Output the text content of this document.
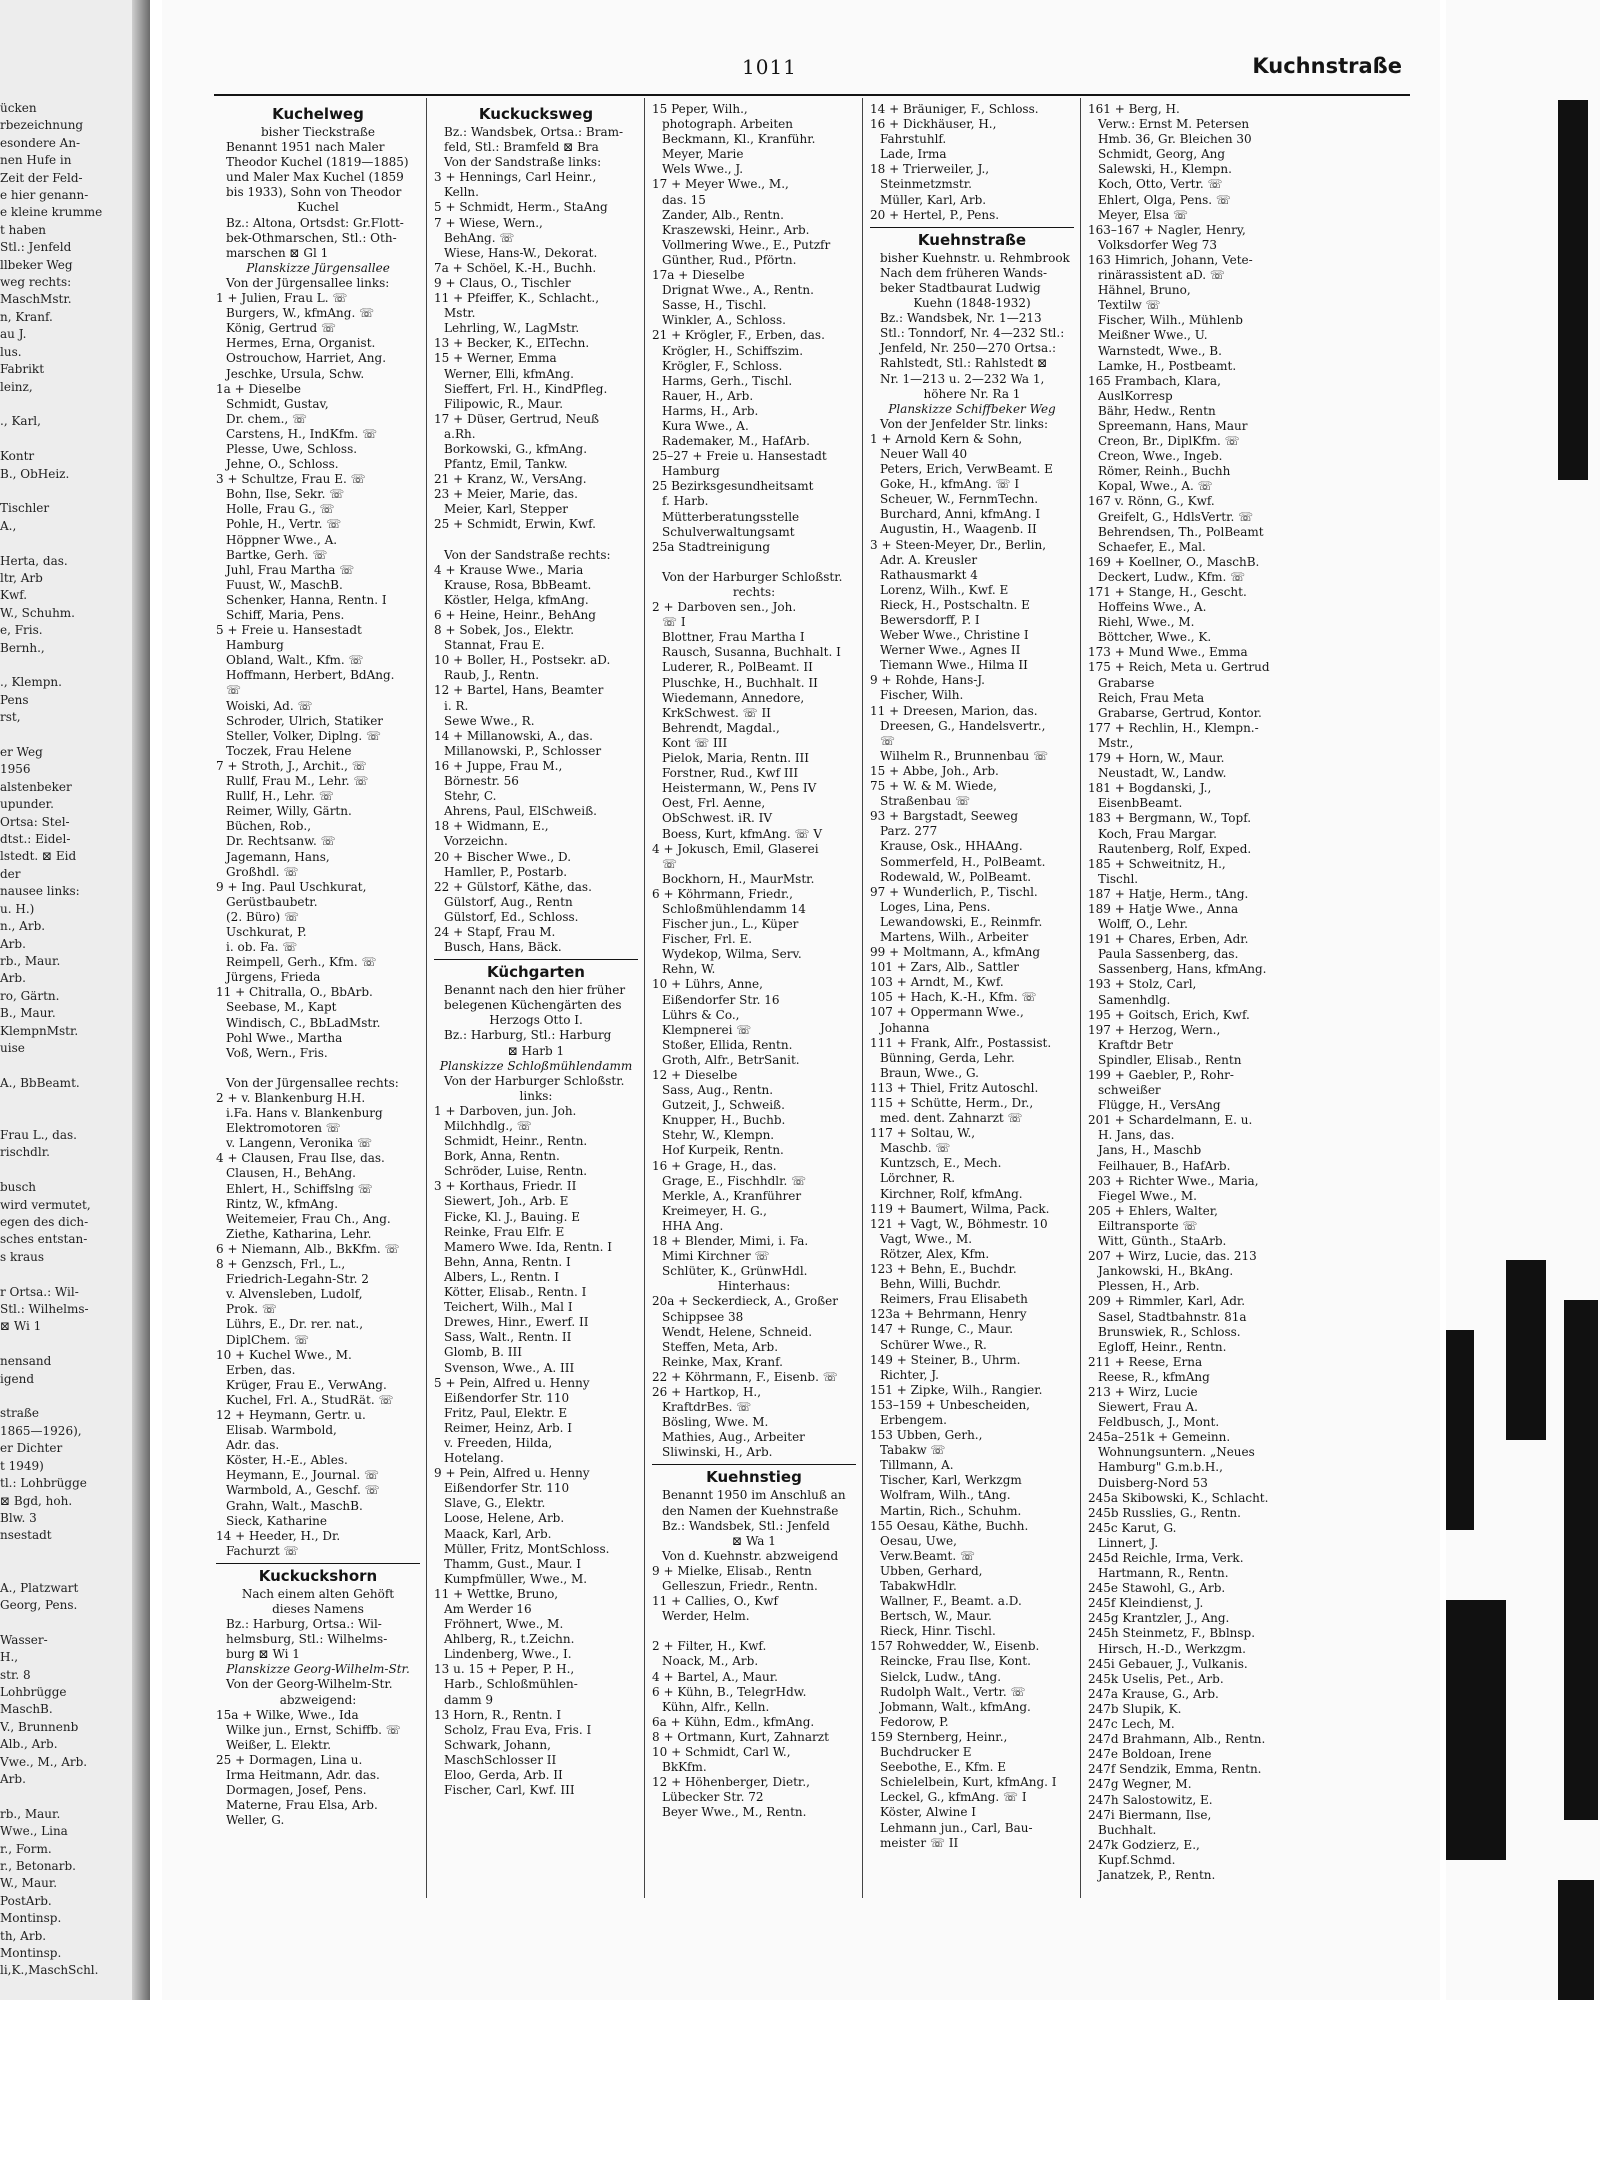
ücken
rbezeichnung
esondere An-
nen Hufe in
Zeit der Feld-
e hier genann-
e kleine krumme
t haben
Stl.: Jenfeld
llbeker Weg
weg rechts:
MaschMstr.
n, Kranf.
au J.
lus.
Fabrikt
leinz,

., Karl,

Kontr
B., ObHeiz.

Tischler
A.,

Herta, das.
ltr, Arb
Kwf.
W., Schuhm.
e, Fris.
Bernh.,

., Klempn.
Pens
rst,

er Weg
1956
alstenbeker
upunder.
Ortsa: Stel-
dtst.: Eidel-
lstedt. ⊠ Eid
der
nausee links:
u. H.)
n., Arb.
Arb.
rb., Maur.
Arb.
ro, Gärtn.
B., Maur.
KlempnMstr.
uise

A., BbBeamt.

Frau L., das.
rischdlr.

busch
wird vermutet,
egen des dich-
sches entstan-
s kraus

r Ortsa.: Wil-
Stl.: Wilhelms-
⊠ Wi 1

nensand
igend

straße
1865—1926),
er Dichter
t 1949)
tl.: Lohbrügge
⊠ Bgd, hoh.
Blw. 3
nsestadt

A., Platzwart
Georg, Pens.

Wasser-
H.,
str. 8
Lohbrügge
MaschB.
V., Brunnenb
Alb., Arb.
Vwe., M., Arb.
Arb.

rb., Maur.
Wwe., Lina
r., Form.
r., Betonarb.
W., Maur.
PostArb.
Montinsp.
th, Arb.
Montinsp.
li,K.,MaschSchl.
1011	Kuchnstraße
Kuchelweg
bisher Tieckstraße
Benannt 1951 nach Maler
Theodor Kuchel (1819—1885)
und Maler Max Kuchel (1859
bis 1933), Sohn von Theodor
Kuchel
Bz.: Altona, Ortsdst: Gr.Flott-
bek-Othmarschen, Stl.: Oth-
marschen ⊠ Gl 1
Planskizze Jürgensallee
Von der Jürgensallee links:
1 + Julien, Frau L. ☏
Burgers, W., kfmAng. ☏
König, Gertrud ☏
Hermes, Erna, Organist.
Ostrouchow, Harriet, Ang.
Jeschke, Ursula, Schw.
1a + Dieselbe
Schmidt, Gustav,
Dr. chem., ☏
Carstens, H., IndKfm. ☏
Plesse, Uwe, Schloss.
Jehne, O., Schloss.
3 + Schultze, Frau E. ☏
Bohn, Ilse, Sekr. ☏
Holle, Frau G., ☏
Pohle, H., Vertr. ☏
Höppner Wwe., A.
Bartke, Gerh. ☏
Juhl, Frau Martha ☏
Fuust, W., MaschB.
Schenker, Hanna, Rentn. I
Schiff, Maria, Pens.
5 + Freie u. Hansestadt
Hamburg
Obland, Walt., Kfm. ☏
Hoffmann, Herbert, BdAng.
☏
Woiski, Ad. ☏
Schroder, Ulrich, Statiker
Steller, Volker, Diplng. ☏
Toczek, Frau Helene
7 + Stroth, J., Archit., ☏
Rullf, Frau M., Lehr. ☏
Rullf, H., Lehr. ☏
Reimer, Willy, Gärtn.
Büchen, Rob.,
Dr. Rechtsanw. ☏
Jagemann, Hans,
Großhdl. ☏
9 + Ing. Paul Uschkurat,
Gerüstbaubetr.
(2. Büro) ☏
Uschkurat, P.
i. ob. Fa. ☏
Reimpell, Gerh., Kfm. ☏
Jürgens, Frieda
11 + Chitralla, O., BbArb.
Seebase, M., Kapt
Windisch, C., BbLadMstr.
Pohl Wwe., Martha
Voß, Wern., Fris.

Von der Jürgensallee rechts:
2 + v. Blankenburg H.H.
i.Fa. Hans v. Blankenburg
Elektromotoren ☏
v. Langenn, Veronika ☏
4 + Clausen, Frau Ilse, das.
Clausen, H., BehAng.
Ehlert, H., Schiffslng ☏
Rintz, W., kfmAng.
Weitemeier, Frau Ch., Ang.
Ziethe, Katharina, Lehr.
6 + Niemann, Alb., BkKfm. ☏
8 + Genzsch, Frl., L.,
Friedrich-Legahn-Str. 2
v. Alvensleben, Ludolf,
Prok. ☏
Lührs, E., Dr. rer. nat.,
DiplChem. ☏
10 + Kuchel Wwe., M.
Erben, das.
Krüger, Frau E., VerwAng.
Kuchel, Frl. A., StudRät. ☏
12 + Heymann, Gertr. u.
Elisab. Warmbold,
Adr. das.
Köster, H.-E., Ables.
Heymann, E., Journal. ☏
Warmbold, A., Geschf. ☏
Grahn, Walt., MaschB.
Sieck, Katharine
14 + Heeder, H., Dr.
Fachurzt ☏
Kuckuckshorn
Nach einem alten Gehöft
dieses Namens
Bz.: Harburg, Ortsa.: Wil-
helmsburg, Stl.: Wilhelms-
burg ⊠ Wi 1
Planskizze Georg-Wilhelm-Str.
Von der Georg-Wilhelm-Str.
abzweigend:
15a + Wilke, Wwe., Ida
Wilke jun., Ernst, Schiffb. ☏
Weißer, L. Elektr.
25 + Dormagen, Lina u.
Irma Heitmann, Adr. das.
Dormagen, Josef, Pens.
Materne, Frau Elsa, Arb.
Weller, G.
Kuckucksweg
Bz.: Wandsbek, Ortsa.: Bram-
feld, Stl.: Bramfeld ⊠ Bra
Von der Sandstraße links:
3 + Hennings, Carl Heinr.,
Kelln.
5 + Schmidt, Herm., StaAng
7 + Wiese, Wern.,
BehAng. ☏
Wiese, Hans-W., Dekorat.
7a + Schöel, K.-H., Buchh.
9 + Claus, O., Tischler
11 + Pfeiffer, K., Schlacht.,
Mstr.
Lehrling, W., LagMstr.
13 + Becker, K., ElTechn.
15 + Werner, Emma
Werner, Elli, kfmAng.
Sieffert, Frl. H., KindPfleg.
Filipowic, R., Maur.
17 + Düser, Gertrud, Neuß
a.Rh.
Borkowski, G., kfmAng.
Pfantz, Emil, Tankw.
21 + Kranz, W., VersAng.
23 + Meier, Marie, das.
Meier, Karl, Stepper
25 + Schmidt, Erwin, Kwf.

Von der Sandstraße rechts:
4 + Krause Wwe., Maria
Krause, Rosa, BbBeamt.
Köstler, Helga, kfmAng.
6 + Heine, Heinr., BehAng
8 + Sobek, Jos., Elektr.
Stannat, Frau E.
10 + Boller, H., Postsekr. aD.
Raub, J., Rentn.
12 + Bartel, Hans, Beamter
i. R.
Sewe Wwe., R.
14 + Millanowski, A., das.
Millanowski, P., Schlosser
16 + Juppe, Frau M.,
Börnestr. 56
Stehr, C.
Ahrens, Paul, ElSchweiß.
18 + Widmann, E.,
Vorzeichn.
20 + Bischer Wwe., D.
Hamller, P., Postarb.
22 + Gülstorf, Käthe, das.
Gülstorf, Aug., Rentn
Gülstorf, Ed., Schloss.
24 + Stapf, Frau M.
Busch, Hans, Bäck.
Küchgarten
Benannt nach den hier früher
belegenen Küchengärten des
Herzogs Otto I.
Bz.: Harburg, Stl.: Harburg
⊠ Harb 1
Planskizze Schloßmühlendamm
Von der Harburger Schloßstr.
links:
1 + Darboven, jun. Joh.
Milchhdlg., ☏
Schmidt, Heinr., Rentn.
Bork, Anna, Rentn.
Schröder, Luise, Rentn.
3 + Korthaus, Friedr. II
Siewert, Joh., Arb. E
Ficke, Kl. J., Bauing. E
Reinke, Frau Elfr. E
Mamero Wwe. Ida, Rentn. I
Behn, Anna, Rentn. I
Albers, L., Rentn. I
Kötter, Elisab., Rentn. I
Teichert, Wilh., Mal I
Drewes, Hinr., Ewerf. II
Sass, Walt., Rentn. II
Glomb, B. III
Svenson, Wwe., A. III
5 + Pein, Alfred u. Henny
Eißendorfer Str. 110
Fritz, Paul, Elektr. E
Reimer, Heinz, Arb. I
v. Freeden, Hilda,
Hotelang.
9 + Pein, Alfred u. Henny
Eißendorfer Str. 110
Slave, G., Elektr.
Loose, Helene, Arb.
Maack, Karl, Arb.
Müller, Fritz, MontSchloss.
Thamm, Gust., Maur. I
Kumpfmüller, Wwe., M.
11 + Wettke, Bruno,
Am Werder 16
Fröhnert, Wwe., M.
Ahlberg, R., t.Zeichn.
Lindenberg, Wwe., I.
13 u. 15 + Peper, P. H.,
Harb., Schloßmühlen-
damm 9
13 Horn, R., Rentn. I
Scholz, Frau Eva, Fris. I
Schwark, Johann,
MaschSchlosser II
Eloo, Gerda, Arb. II
Fischer, Carl, Kwf. III
15 Peper, Wilh.,
photograph. Arbeiten
Beckmann, Kl., Kranführ.
Meyer, Marie
Wels Wwe., J.
17 + Meyer Wwe., M.,
das. 15
Zander, Alb., Rentn.
Kraszewski, Heinr., Arb.
Vollmering Wwe., E., Putzfr
Günther, Rud., Pförtn.
17a + Dieselbe
Drignat Wwe., A., Rentn.
Sasse, H., Tischl.
Winkler, A., Schloss.
21 + Krögler, F., Erben, das.
Krögler, H., Schiffszim.
Krögler, F., Schloss.
Harms, Gerh., Tischl.
Rauer, H., Arb.
Harms, H., Arb.
Kura Wwe., A.
Rademaker, M., HafArb.
25–27 + Freie u. Hansestadt
Hamburg
25 Bezirksgesundheitsamt
f. Harb.
Mütterberatungsstelle
Schulverwaltungsamt
25a Stadtreinigung

Von der Harburger Schloßstr.
rechts:
2 + Darboven sen., Joh.
☏ I
Blottner, Frau Martha I
Rausch, Susanna, Buchhalt. I
Luderer, R., PolBeamt. II
Pluschke, H., Buchhalt. II
Wiedemann, Annedore,
KrkSchwest. ☏ II
Behrendt, Magdal.,
Kont ☏ III
Pielok, Maria, Rentn. III
Forstner, Rud., Kwf III
Heistermann, W., Pens IV
Oest, Frl. Aenne,
ObSchwest. iR. IV
Boess, Kurt, kfmAng. ☏ V
4 + Jokusch, Emil, Glaserei
☏
Bockhorn, H., MaurMstr.
6 + Köhrmann, Friedr.,
Schloßmühlendamm 14
Fischer jun., L., Küper
Fischer, Frl. E.
Wydekop, Wilma, Serv.
Rehn, W.
10 + Lührs, Anne,
Eißendorfer Str. 16
Lührs & Co.,
Klempnerei ☏
Stoßer, Ellida, Rentn.
Groth, Alfr., BetrSanit.
12 + Dieselbe
Sass, Aug., Rentn.
Gutzeit, J., Schweiß.
Knupper, H., Buchb.
Stehr, W., Klempn.
Hof Kurpeik, Rentn.
16 + Grage, H., das.
Grage, E., Fischhdlr. ☏
Merkle, A., Kranführer
Kreimeyer, H. G.,
HHA Ang.
18 + Blender, Mimi, i. Fa.
Mimi Kirchner ☏
Schlüter, K., GrünwHdl.
Hinterhaus:
20a + Seckerdieck, A., Großer
Schippsee 38
Wendt, Helene, Schneid.
Steffen, Meta, Arb.
Reinke, Max, Kranf.
22 + Köhrmann, F., Eisenb. ☏
26 + Hartkop, H.,
KraftdrBes. ☏
Bösling, Wwe. M.
Mathies, Aug., Arbeiter
Sliwinski, H., Arb.
Kuehnstieg
Benannt 1950 im Anschluß an
den Namen der Kuehnstraße
Bz.: Wandsbek, Stl.: Jenfeld
⊠ Wa 1
Von d. Kuehnstr. abzweigend
9 + Mielke, Elisab., Rentn
Gelleszun, Friedr., Rentn.
11 + Callies, O., Kwf
Werder, Helm.

2 + Filter, H., Kwf.
Noack, M., Arb.
4 + Bartel, A., Maur.
6 + Kühn, B., TelegrHdw.
Kühn, Alfr., Kelln.
6a + Kühn, Edm., kfmAng.
8 + Ortmann, Kurt, Zahnarzt
10 + Schmidt, Carl W.,
BkKfm.
12 + Höhenberger, Dietr.,
Lübecker Str. 72
Beyer Wwe., M., Rentn.
14 + Bräuniger, F., Schloss.
16 + Dickhäuser, H.,
Fahrstuhlf.
Lade, Irma
18 + Trierweiler, J.,
Steinmetzmstr.
Müller, Karl, Arb.
20 + Hertel, P., Pens.
Kuehnstraße
bisher Kuehnstr. u. Rehmbrook
Nach dem früheren Wands-
beker Stadtbaurat Ludwig
Kuehn (1848-1932)
Bz.: Wandsbek, Nr. 1—213
Stl.: Tonndorf, Nr. 4—232 Stl.:
Jenfeld, Nr. 250—270 Ortsa.:
Rahlstedt, Stl.: Rahlstedt ⊠
Nr. 1—213 u. 2—232 Wa 1,
höhere Nr. Ra 1
Planskizze Schiffbeker Weg
Von der Jenfelder Str. links:
1 + Arnold Kern & Sohn,
Neuer Wall 40
Peters, Erich, VerwBeamt. E
Goke, H., kfmAng. ☏ I
Scheuer, W., FernmTechn.
Burchard, Anni, kfmAng. I
Augustin, H., Waagenb. II
3 + Steen-Meyer, Dr., Berlin,
Adr. A. Kreusler
Rathausmarkt 4
Lorenz, Wilh., Kwf. E
Rieck, H., Postschaltn. E
Bewersdorff, P. I
Weber Wwe., Christine I
Werner Wwe., Agnes II
Tiemann Wwe., Hilma II
9 + Rohde, Hans-J.
Fischer, Wilh.
11 + Dreesen, Marion, das.
Dreesen, G., Handelsvertr.,
☏
Wilhelm R., Brunnenbau ☏
15 + Abbe, Joh., Arb.
75 + W. & M. Wiede,
Straßenbau ☏
93 + Bargstadt, Seeweg
Parz. 277
Krause, Osk., HHAAng.
Sommerfeld, H., PolBeamt.
Rodewald, W., PolBeamt.
97 + Wunderlich, P., Tischl.
Loges, Lina, Pens.
Lewandowski, E., Reinmfr.
Martens, Wilh., Arbeiter
99 + Moltmann, A., kfmAng
101 + Zars, Alb., Sattler
103 + Arndt, M., Kwf.
105 + Hach, K.-H., Kfm. ☏
107 + Oppermann Wwe.,
Johanna
111 + Frank, Alfr., Postassist.
Bünning, Gerda, Lehr.
Braun, Wwe., G.
113 + Thiel, Fritz Autoschl.
115 + Schütte, Herm., Dr.,
med. dent. Zahnarzt ☏
117 + Soltau, W.,
Maschb. ☏
Kuntzsch, E., Mech.
Lörchner, R.
Kirchner, Rolf, kfmAng.
119 + Baumert, Wilma, Pack.
121 + Vagt, W., Böhmestr. 10
Vagt, Wwe., M.
Rötzer, Alex, Kfm.
123 + Behn, E., Buchdr.
Behn, Willi, Buchdr.
Reimers, Frau Elisabeth
123a + Behrmann, Henry
147 + Runge, C., Maur.
Schürer Wwe., R.
149 + Steiner, B., Uhrm.
Richter, J.
151 + Zipke, Wilh., Rangier.
153–159 + Unbescheiden,
Erbengem.
153 Ubben, Gerh.,
Tabakw ☏
Tillmann, A.
Tischer, Karl, Werkzgm
Wolfram, Wilh., tAng.
Martin, Rich., Schuhm.
155 Oesau, Käthe, Buchh.
Oesau, Uwe,
Verw.Beamt. ☏
Ubben, Gerhard,
TabakwHdlr.
Wallner, F., Beamt. a.D.
Bertsch, W., Maur.
Rieck, Hinr. Tischl.
157 Rohwedder, W., Eisenb.
Reincke, Frau Ilse, Kont.
Sielck, Ludw., tAng.
Rudolph Walt., Vertr. ☏
Jobmann, Walt., kfmAng.
Fedorow, P.
159 Sternberg, Heinr.,
Buchdrucker E
Seebothe, E., Kfm. E
Schielelbein, Kurt, kfmAng. I
Leckel, G., kfmAng. ☏ I
Köster, Alwine I
Lehmann jun., Carl, Bau-
meister ☏ II
161 + Berg, H.
Verw.: Ernst M. Petersen
Hmb. 36, Gr. Bleichen 30
Schmidt, Georg, Ang
Salewski, H., Klempn.
Koch, Otto, Vertr. ☏
Ehlert, Olga, Pens. ☏
Meyer, Elsa ☏
163–167 + Nagler, Henry,
Volksdorfer Weg 73
163 Himrich, Johann, Vete-
rinärassistent aD. ☏
Hähnel, Bruno,
Textilw ☏
Fischer, Wilh., Mühlenb
Meißner Wwe., U.
Warnstedt, Wwe., B.
Lamke, H., Postbeamt.
165 Frambach, Klara,
AuslKorresp
Bähr, Hedw., Rentn
Spreemann, Hans, Maur
Creon, Br., DiplKfm. ☏
Creon, Wwe., Ingeb.
Römer, Reinh., Buchh
Kopal, Wwe., A. ☏
167 v. Rönn, G., Kwf.
Greifelt, G., HdlsVertr. ☏
Behrendsen, Th., PolBeamt
Schaefer, E., Mal.
169 + Koellner, O., MaschB.
Deckert, Ludw., Kfm. ☏
171 + Stange, H., Gescht.
Hoffeins Wwe., A.
Riehl, Wwe., M.
Böttcher, Wwe., K.
173 + Mund Wwe., Emma
175 + Reich, Meta u. Gertrud
Grabarse
Reich, Frau Meta
Grabarse, Gertrud, Kontor.
177 + Rechlin, H., Klempn.-
Mstr.,
179 + Horn, W., Maur.
Neustadt, W., Landw.
181 + Bogdanski, J.,
EisenbBeamt.
183 + Bergmann, W., Topf.
Koch, Frau Margar.
Rautenberg, Rolf, Exped.
185 + Schweitnitz, H.,
Tischl.
187 + Hatje, Herm., tAng.
189 + Hatje Wwe., Anna
Wolff, O., Lehr.
191 + Chares, Erben, Adr.
Paula Sassenberg, das.
Sassenberg, Hans, kfmAng.
193 + Stolz, Carl,
Samenhdlg.
195 + Goitsch, Erich, Kwf.
197 + Herzog, Wern.,
Kraftdr Betr
Spindler, Elisab., Rentn
199 + Gaebler, P., Rohr-
schweißer
Flügge, H., VersAng
201 + Schardelmann, E. u.
H. Jans, das.
Jans, H., Maschb
Feilhauer, B., HafArb.
203 + Richter Wwe., Maria,
Fiegel Wwe., M.
205 + Ehlers, Walter,
Eiltransporte ☏
Witt, Günth., StaArb.
207 + Wirz, Lucie, das. 213
Jankowski, H., BkAng.
Plessen, H., Arb.
209 + Rimmler, Karl, Adr.
Sasel, Stadtbahnstr. 81a
Brunswiek, R., Schloss.
Egloff, Heinr., Rentn.
211 + Reese, Erna
Reese, R., kfmAng
213 + Wirz, Lucie
Siewert, Frau A.
Feldbusch, J., Mont.
245a–251k + Gemeinn.
Wohnungsuntern. „Neues
Hamburg" G.m.b.H.,
Duisberg-Nord 53
245a Skibowski, K., Schlacht.
245b Russlies, G., Rentn.
245c Karut, G.
Linnert, J.
245d Reichle, Irma, Verk.
Hartmann, R., Rentn.
245e Stawohl, G., Arb.
245f Kleindienst, J.
245g Krantzler, J., Ang.
245h Steinmetz, F., Bblnsp.
Hirsch, H.-D., Werkzgm.
245i Gebauer, J., Vulkanis.
245k Uselis, Pet., Arb.
247a Krause, G., Arb.
247b Slupik, K.
247c Lech, M.
247d Brahmann, Alb., Rentn.
247e Boldoan, Irene
247f Sendzik, Emma, Rentn.
247g Wegner, M.
247h Salostowitz, E.
247i Biermann, Ilse,
Buchhalt.
247k Godzierz, E.,
Kupf.Schmd.
Janatzek, P., Rentn.
